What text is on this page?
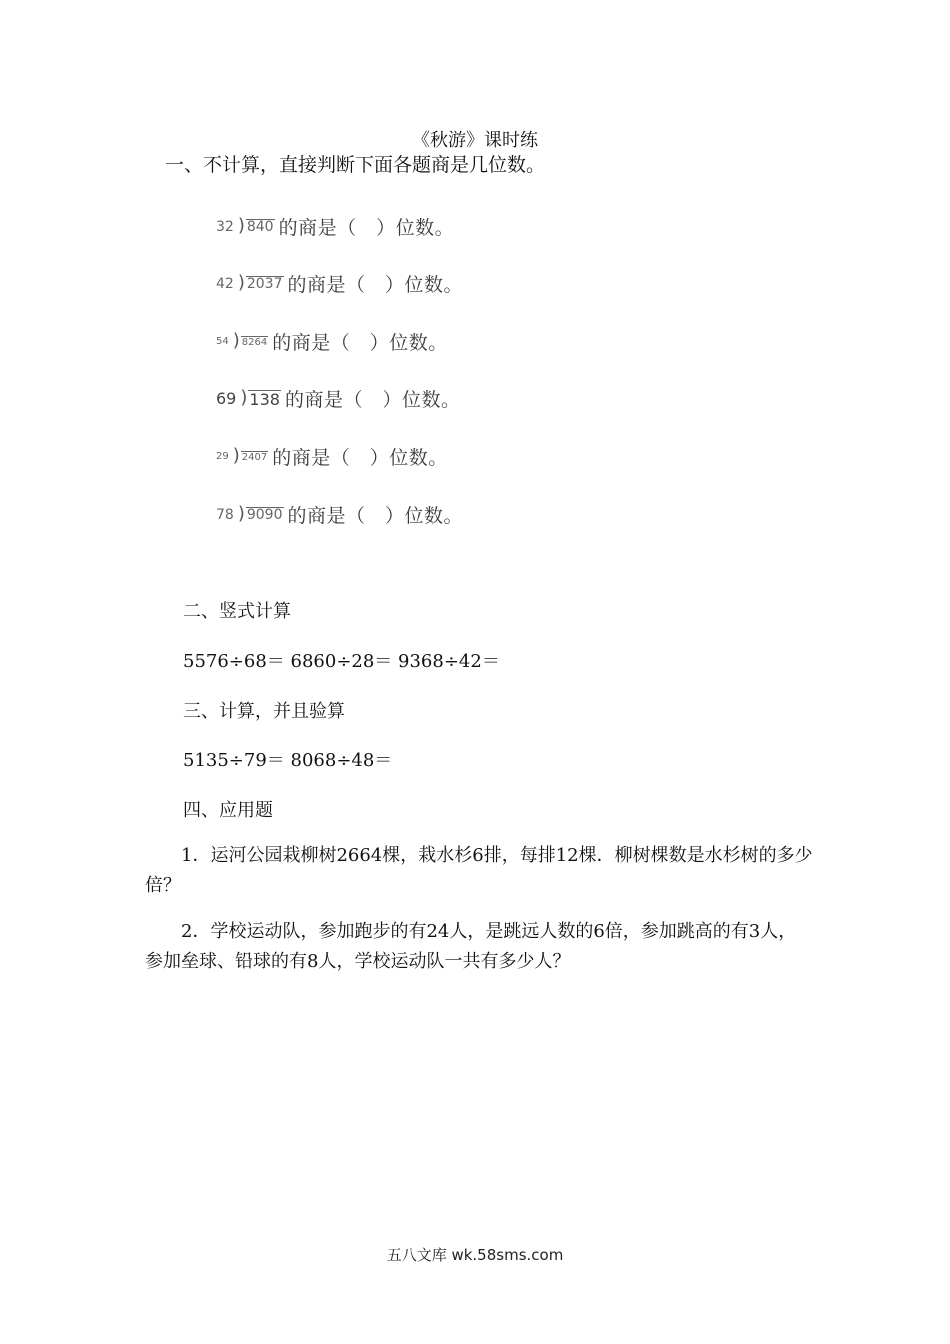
《秋游》课时练
一、不计算，直接判断下面各题商是几位数。
32 ) 840 的商是（　）位数。
42 ) 2037 的商是（　）位数。
54 ) 8264 的商是（　）位数。
69 ) 138 的商是（　）位数。
29 ) 2407 的商是（　）位数。
78 ) 9090 的商是（　）位数。
二、竖式计算
5576÷68＝ 6860÷28＝ 9368÷42＝
三、计算，并且验算
5135÷79＝ 8068÷48＝
四、应用题
1．运河公园栽柳树2664棵，栽水杉6排，每排12棵．柳树棵数是水杉树的多少倍？
2．学校运动队，参加跑步的有24人，是跳远人数的6倍，参加跳高的有3人，参加垒球、铅球的有8人，学校运动队一共有多少人？
五八文库 wk.58sms.com
